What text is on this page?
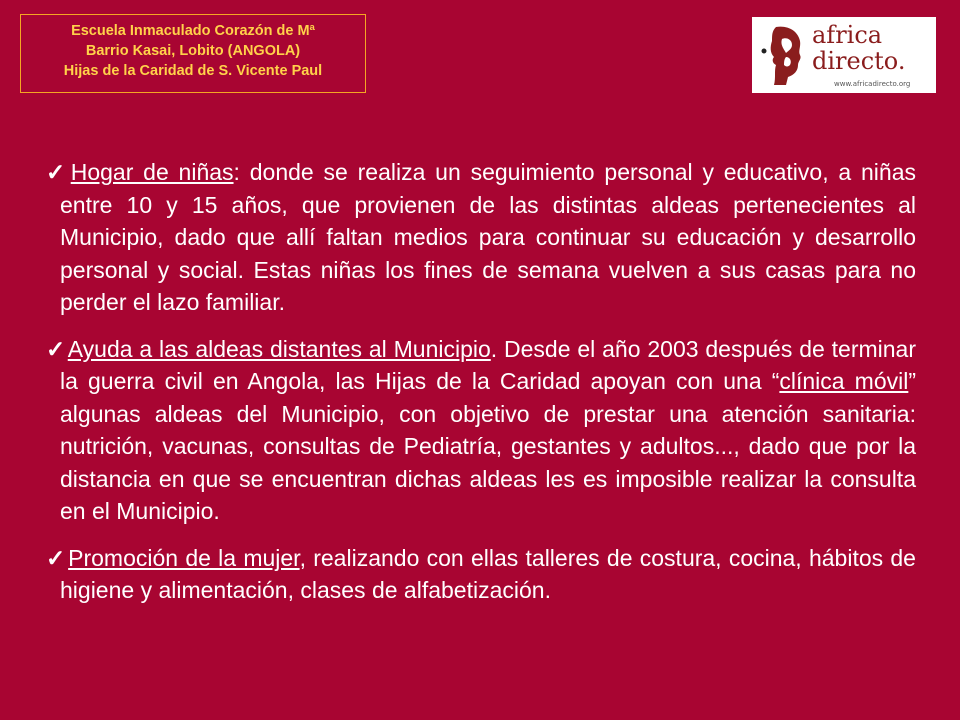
Escuela Inmaculado Corazón de Mª
Barrio Kasai, Lobito (ANGOLA)
Hijas de la Caridad de S. Vicente Paul
africa
directo.
www.africadirecto.org

✓Hogar de niñas: donde se realiza un seguimiento personal y educativo, a niñas entre 10 y 15 años, que provienen de las distintas aldeas pertenecientes al Municipio, dado que allí faltan medios para continuar su educación y desarrollo personal y social. Estas niñas los fines de semana vuelven a sus casas para no perder el lazo familiar.

✓Ayuda a las aldeas distantes al Municipio. Desde el año 2003 después de terminar la guerra civil en Angola, las Hijas de la Caridad apoyan con una “clínica móvil” algunas aldeas del Municipio, con objetivo de prestar una atención sanitaria: nutrición, vacunas, consultas de Pediatría, gestantes y adultos..., dado que por la distancia en que se encuentran dichas aldeas les es imposible realizar la consulta en el Municipio.

✓Promoción de la mujer, realizando con ellas talleres de costura, cocina, hábitos de higiene y alimentación, clases de alfabetización.
